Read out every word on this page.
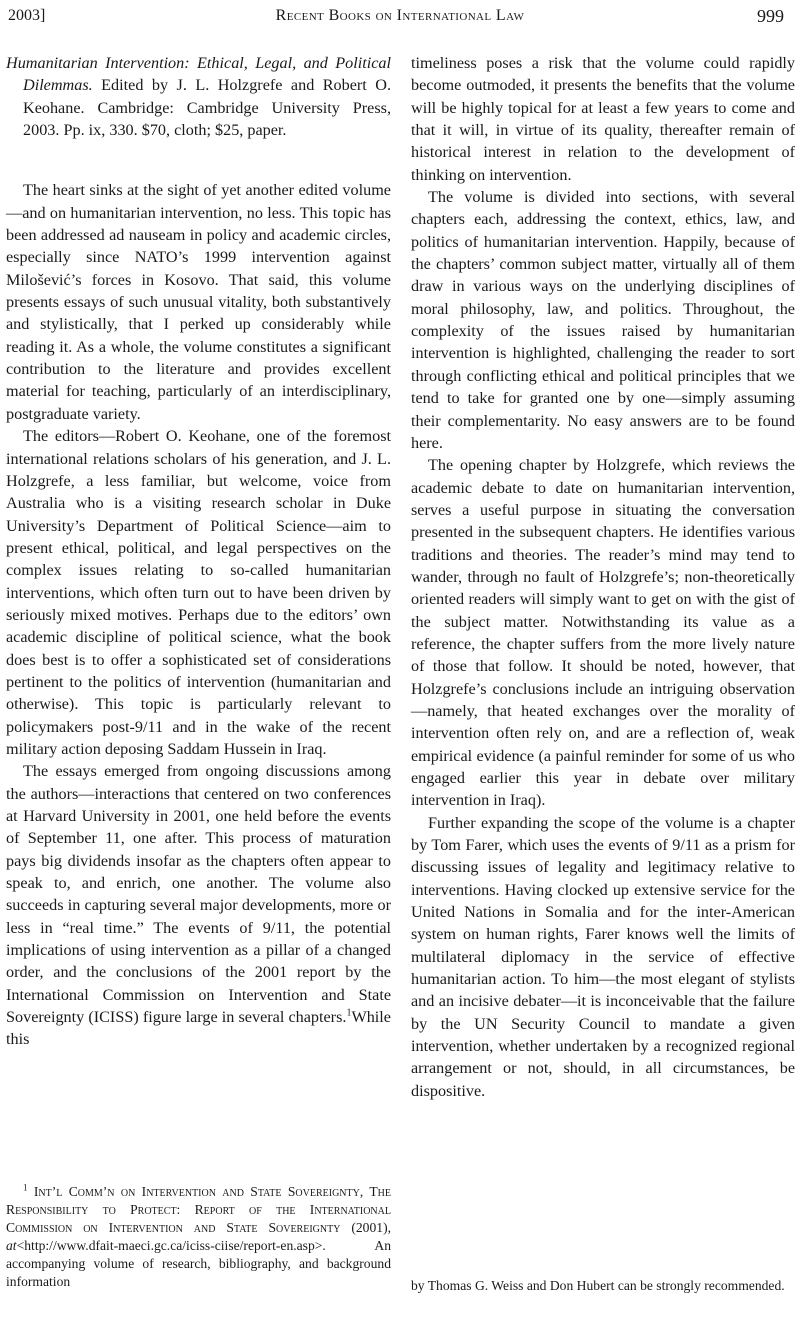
2003]	Recent Books on International Law	999

Humanitarian Intervention: Ethical, Legal, and Political Dilemmas. Edited by J. L. Holzgrefe and Robert O. Keohane. Cambridge: Cambridge University Press, 2003. Pp. ix, 330. $70, cloth; $25, paper.

The heart sinks at the sight of yet another edited volume—and on humanitarian intervention, no less. This topic has been addressed ad nauseam in policy and academic circles, especially since NATO’s 1999 intervention against Milošević’s forces in Kosovo. That said, this volume presents essays of such unusual vitality, both substantively and stylistically, that I perked up considerably while reading it. As a whole, the volume constitutes a significant contribution to the literature and provides excellent material for teaching, particularly of an interdisciplinary, postgraduate variety.

The editors—Robert O. Keohane, one of the foremost international relations scholars of his generation, and J. L. Holzgrefe, a less familiar, but welcome, voice from Australia who is a visiting research scholar in Duke University’s Department of Political Science—aim to present ethical, political, and legal perspectives on the complex issues relating to so-called humanitarian interventions, which often turn out to have been driven by seriously mixed motives. Perhaps due to the editors’ own academic discipline of political science, what the book does best is to offer a sophisticated set of considerations pertinent to the politics of intervention (humanitarian and otherwise). This topic is particularly relevant to policymakers post-9/11 and in the wake of the recent military action deposing Saddam Hussein in Iraq.

The essays emerged from ongoing discussions among the authors—interactions that centered on two conferences at Harvard University in 2001, one held before the events of September 11, one after. This process of maturation pays big dividends insofar as the chapters often appear to speak to, and enrich, one another. The volume also succeeds in capturing several major developments, more or less in “real time.” The events of 9/11, the potential implications of using intervention as a pillar of a changed order, and the conclusions of the 2001 report by the International Commission on Intervention and State Sovereignty (ICISS) figure large in several chapters.$^1$While this

$^1$ Int’l Comm’n on Intervention and State Sovereignty, The Responsibility to Protect: Report of the International Commission on Intervention and State Sovereignty (2001), at<http://www.dfait-maeci.gc.ca/iciss-ciise/report-en.asp>. An accompanying volume of research, bibliography, and background information

timeliness poses a risk that the volume could rapidly become outmoded, it presents the benefits that the volume will be highly topical for at least a few years to come and that it will, in virtue of its quality, thereafter remain of historical interest in relation to the development of thinking on intervention.

The volume is divided into sections, with several chapters each, addressing the context, ethics, law, and politics of humanitarian intervention. Happily, because of the chapters’ common subject matter, virtually all of them draw in various ways on the underlying disciplines of moral philosophy, law, and politics. Throughout, the complexity of the issues raised by humanitarian intervention is highlighted, challenging the reader to sort through conflicting ethical and political principles that we tend to take for granted one by one—simply assuming their complementarity. No easy answers are to be found here.

The opening chapter by Holzgrefe, which reviews the academic debate to date on humanitarian intervention, serves a useful purpose in situating the conversation presented in the subsequent chapters. He identifies various traditions and theories. The reader’s mind may tend to wander, through no fault of Holzgrefe’s; non-theoretically oriented readers will simply want to get on with the gist of the subject matter. Notwithstanding its value as a reference, the chapter suffers from the more lively nature of those that follow. It should be noted, however, that Holzgrefe’s conclusions include an intriguing observation—namely, that heated exchanges over the morality of intervention often rely on, and are a reflection of, weak empirical evidence (a painful reminder for some of us who engaged earlier this year in debate over military intervention in Iraq).

Further expanding the scope of the volume is a chapter by Tom Farer, which uses the events of 9/11 as a prism for discussing issues of legality and legitimacy relative to interventions. Having clocked up extensive service for the United Nations in Somalia and for the inter-American system on human rights, Farer knows well the limits of multilateral diplomacy in the service of effective humanitarian action. To him—the most elegant of stylists and an incisive debater—it is inconceivable that the failure by the UN Security Council to mandate a given intervention, whether undertaken by a recognized regional arrangement or not, should, in all circumstances, be dispositive.

by Thomas G. Weiss and Don Hubert can be strongly recommended.
